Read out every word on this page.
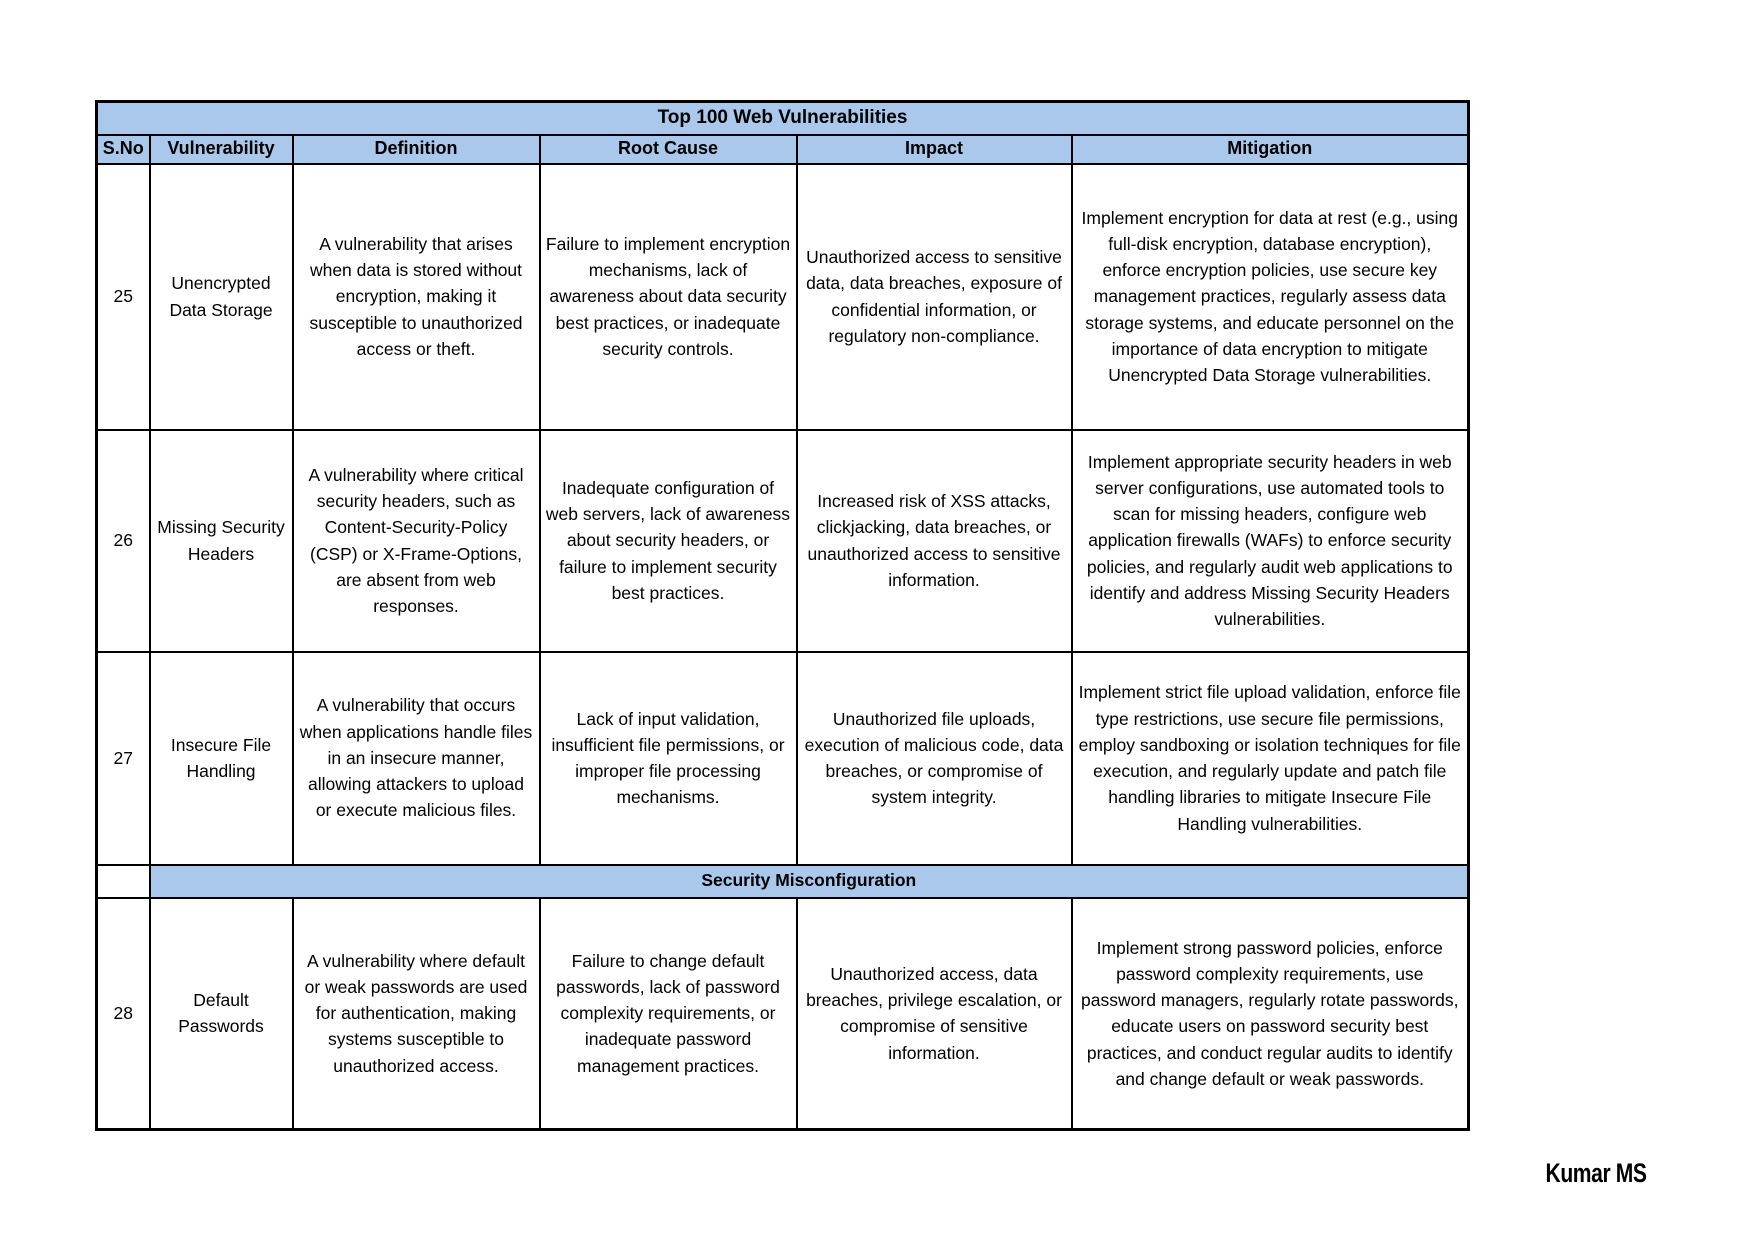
Top 100 Web Vulnerabilities					
S.No	Vulnerability	Definition	Root Cause	Impact	Mitigation
25	Unencrypted Data Storage	A vulnerability that arises when data is stored without encryption, making it susceptible to unauthorized access or theft.	Failure to implement encryption mechanisms, lack of awareness about data security best practices, or inadequate security controls.	Unauthorized access to sensitive data, data breaches, exposure of confidential information, or regulatory non-compliance.	Implement encryption for data at rest (e.g., using full-disk encryption, database encryption), enforce encryption policies, use secure key management practices, regularly assess data storage systems, and educate personnel on the importance of data encryption to mitigate Unencrypted Data Storage vulnerabilities.
26	Missing Security Headers	A vulnerability where critical security headers, such as Content-Security-Policy (CSP) or X-Frame-Options, are absent from web responses.	Inadequate configuration of web servers, lack of awareness about security headers, or failure to implement security best practices.	Increased risk of XSS attacks, clickjacking, data breaches, or unauthorized access to sensitive information.	Implement appropriate security headers in web server configurations, use automated tools to scan for missing headers, configure web application firewalls (WAFs) to enforce security policies, and regularly audit web applications to identify and address Missing Security Headers vulnerabilities.
27	Insecure File Handling	A vulnerability that occurs when applications handle files in an insecure manner, allowing attackers to upload or execute malicious files.	Lack of input validation, insufficient file permissions, or improper file processing mechanisms.	Unauthorized file uploads, execution of malicious code, data breaches, or compromise of system integrity.	Implement strict file upload validation, enforce file type restrictions, use secure file permissions, employ sandboxing or isolation techniques for file execution, and regularly update and patch file handling libraries to mitigate Insecure File Handling vulnerabilities.
	Security Misconfiguration				
28	Default Passwords	A vulnerability where default or weak passwords are used for authentication, making systems susceptible to unauthorized access.	Failure to change default passwords, lack of password complexity requirements, or inadequate password management practices.	Unauthorized access, data breaches, privilege escalation, or compromise of sensitive information.	Implement strong password policies, enforce password complexity requirements, use password managers, regularly rotate passwords, educate users on password security best practices, and conduct regular audits to identify and change default or weak passwords.
Kumar MS
